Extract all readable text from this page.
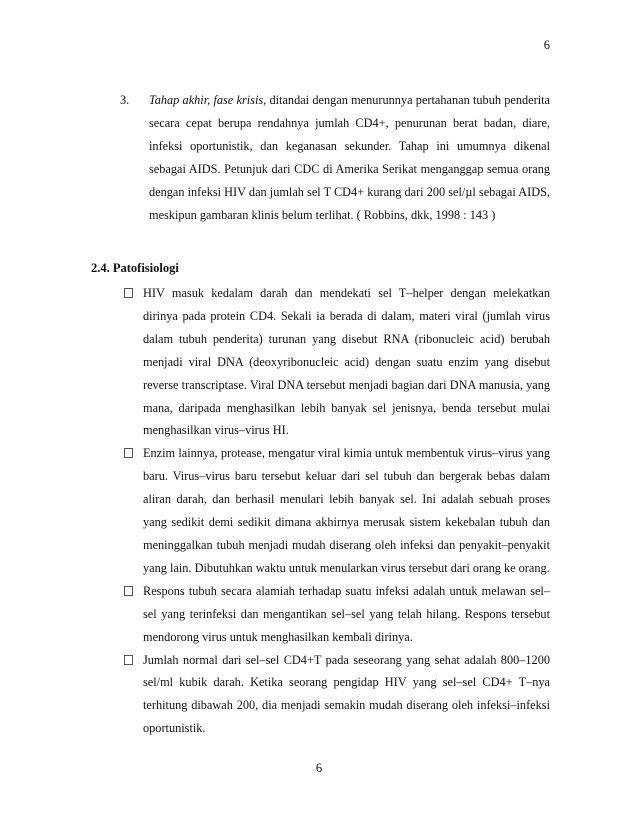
6
3. Tahap akhir, fase krisis, ditandai dengan menurunnya pertahanan tubuh penderita secara cepat berupa rendahnya jumlah CD4+, penurunan berat badan, diare, infeksi oportunistik, dan keganasan sekunder. Tahap ini umumnya dikenal sebagai AIDS. Petunjuk dari CDC di Amerika Serikat menganggap semua orang dengan infeksi HIV dan jumlah sel T CD4+ kurang dari 200 sel/µl sebagai AIDS, meskipun gambaran klinis belum terlihat. ( Robbins, dkk, 1998 : 143 )
2.4. Patofisiologi
HIV masuk kedalam darah dan mendekati sel T–helper dengan melekatkan dirinya pada protein CD4. Sekali ia berada di dalam, materi viral (jumlah virus dalam tubuh penderita) turunan yang disebut RNA (ribonucleic acid) berubah menjadi viral DNA (deoxyribonucleic acid) dengan suatu enzim yang disebut reverse transcriptase. Viral DNA tersebut menjadi bagian dari DNA manusia, yang mana, daripada menghasilkan lebih banyak sel jenisnya, benda tersebut mulai menghasilkan virus–virus HI.
Enzim lainnya, protease, mengatur viral kimia untuk membentuk virus–virus yang baru. Virus–virus baru tersebut keluar dari sel tubuh dan bergerak bebas dalam aliran darah, dan berhasil menulari lebih banyak sel. Ini adalah sebuah proses yang sedikit demi sedikit dimana akhirnya merusak sistem kekebalan tubuh dan meninggalkan tubuh menjadi mudah diserang oleh infeksi dan penyakit–penyakit yang lain. Dibutuhkan waktu untuk menularkan virus tersebut dari orang ke orang.
Respons tubuh secara alamiah terhadap suatu infeksi adalah untuk melawan sel–sel yang terinfeksi dan mengantikan sel–sel yang telah hilang. Respons tersebut mendorong virus untuk menghasilkan kembali dirinya.
Jumlah normal dari sel–sel CD4+T pada seseorang yang sehat adalah 800–1200 sel/ml kubik darah. Ketika seorang pengidap HIV yang sel–sel CD4+ T–nya terhitung dibawah 200, dia menjadi semakin mudah diserang oleh infeksi–infeksi oportunistik.
6
